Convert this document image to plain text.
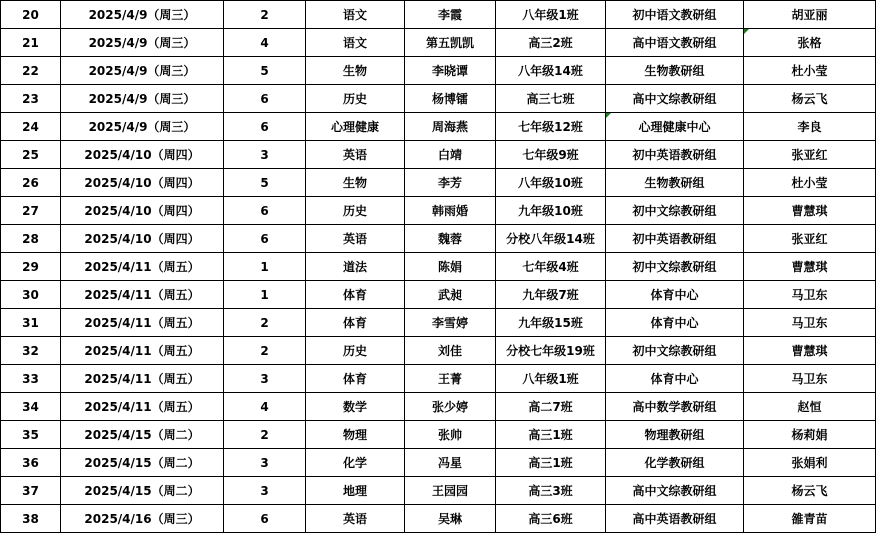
20	2025/4/9（周三）	2	语文	李霞	八年级1班	初中语文教研组	胡亚丽
21	2025/4/9（周三）	4	语文	第五凯凯	高三2班	高中语文教研组	张格
22	2025/4/9（周三）	5	生物	李晓谭	八年级14班	生物教研组	杜小莹
23	2025/4/9（周三）	6	历史	杨博镭	高三七班	高中文综教研组	杨云飞
24	2025/4/9（周三）	6	心理健康	周海燕	七年级12班	心理健康中心	李良
25	2025/4/10（周四）	3	英语	白靖	七年级9班	初中英语教研组	张亚红
26	2025/4/10（周四）	5	生物	李芳	八年级10班	生物教研组	杜小莹
27	2025/4/10（周四）	6	历史	韩雨婚	九年级10班	初中文综教研组	曹慧琪
28	2025/4/10（周四）	6	英语	魏蓉	分校八年级14班	初中英语教研组	张亚红
29	2025/4/11（周五）	1	道法	陈娟	七年级4班	初中文综教研组	曹慧琪
30	2025/4/11（周五）	1	体育	武昶	九年级7班	体育中心	马卫东
31	2025/4/11（周五）	2	体育	李雪婷	九年级15班	体育中心	马卫东
32	2025/4/11（周五）	2	历史	刘佳	分校七年级19班	初中文综教研组	曹慧琪
33	2025/4/11（周五）	3	体育	王菁	八年级1班	体育中心	马卫东
34	2025/4/11（周五）	4	数学	张少婷	高二7班	高中数学教研组	赵恒
35	2025/4/15（周二）	2	物理	张帅	高三1班	物理教研组	杨莉娟
36	2025/4/15（周二）	3	化学	冯星	高三1班	化学教研组	张娟利
37	2025/4/15（周二）	3	地理	王园园	高三3班	高中文综教研组	杨云飞
38	2025/4/16（周三）	6	英语	吴琳	高三6班	高中英语教研组	雒青苗
